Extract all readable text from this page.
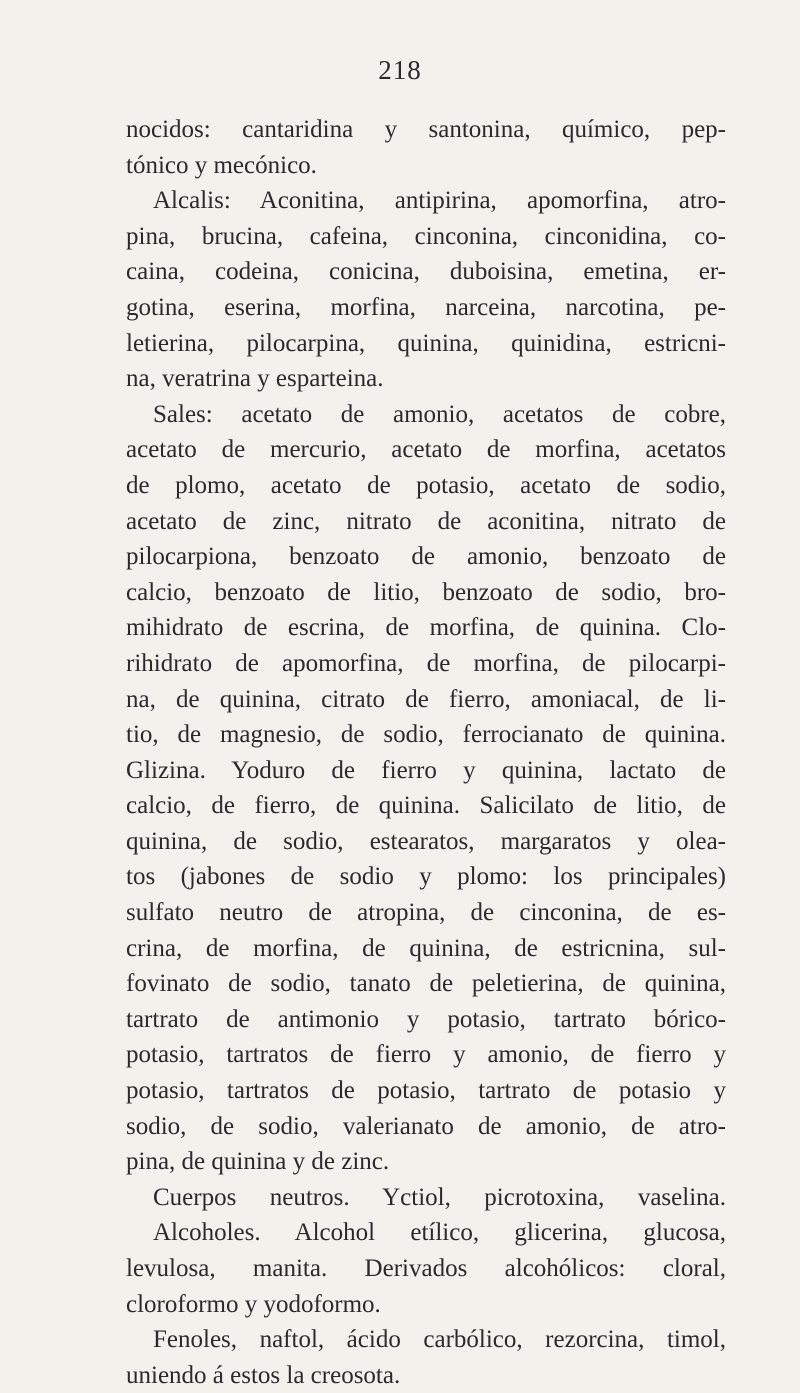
218
nocidos: cantaridina y santonina, químico, pep-
tónico y mecónico.
Alcalis: Aconitina, antipirina, apomorfina, atro-
pina, brucina, cafeina, cinconina, cinconidina, co-
caina, codeina, conicina, duboisina, emetina, er-
gotina, eserina, morfina, narceina, narcotina, pe-
letierina, pilocarpina, quinina, quinidina, estricni-
na, veratrina y esparteina.
Sales: acetato de amonio, acetatos de cobre,
acetato de mercurio, acetato de morfina, acetatos
de plomo, acetato de potasio, acetato de sodio,
acetato de zinc, nitrato de aconitina, nitrato de
pilocarpiona, benzoato de amonio, benzoato de
calcio, benzoato de litio, benzoato de sodio, bro-
mihidrato de escrina, de morfina, de quinina. Clo-
rihidrato de apomorfina, de morfina, de pilocarpi-
na, de quinina, citrato de fierro, amoniacal, de li-
tio, de magnesio, de sodio, ferrocianato de quinina.
Glizina. Yoduro de fierro y quinina, lactato de
calcio, de fierro, de quinina. Salicilato de litio, de
quinina, de sodio, estearatos, margaratos y olea-
tos (jabones de sodio y plomo: los principales)
sulfato neutro de atropina, de cinconina, de es-
crina, de morfina, de quinina, de estricnina, sul-
fovinato de sodio, tanato de peletierina, de quinina,
tartrato de antimonio y potasio, tartrato bórico-
potasio, tartratos de fierro y amonio, de fierro y
potasio, tartratos de potasio, tartrato de potasio y
sodio, de sodio, valerianato de amonio, de atro-
pina, de quinina y de zinc.
Cuerpos neutros. Yctiol, picrotoxina, vaselina.
Alcoholes. Alcohol etílico, glicerina, glucosa,
levulosa, manita. Derivados alcohólicos: cloral,
cloroformo y yodoformo.
Fenoles, naftol, ácido carbólico, rezorcina, timol,
uniendo á estos la creosota.
